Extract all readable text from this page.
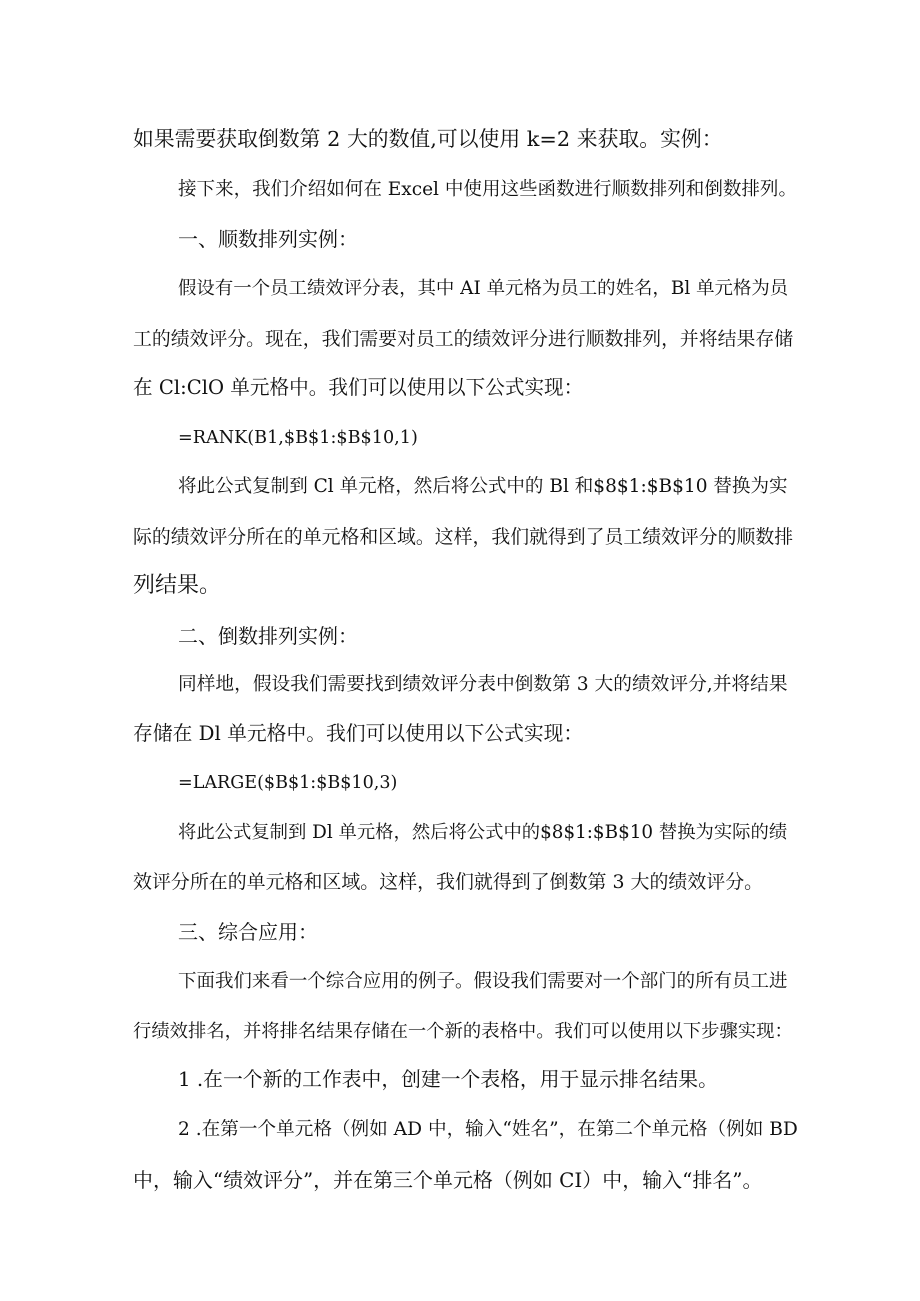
如果需要获取倒数第 2 大的数值,可以使用 k=2 来获取。实例：
接下来，我们介绍如何在 Excel 中使用这些函数进行顺数排列和倒数排列。
一、顺数排列实例：
假设有一个员工绩效评分表，其中 AI 单元格为员工的姓名，Bl 单元格为员
工的绩效评分。现在，我们需要对员工的绩效评分进行顺数排列，并将结果存储
在 Cl:ClO 单元格中。我们可以使用以下公式实现：
=RANK(B1,$B$1:$B$10,1)
将此公式复制到 Cl 单元格，然后将公式中的 Bl 和$8$1:$B$10 替换为实
际的绩效评分所在的单元格和区域。这样，我们就得到了员工绩效评分的顺数排
列结果。
二、倒数排列实例：
同样地，假设我们需要找到绩效评分表中倒数第 3 大的绩效评分,并将结果
存储在 Dl 单元格中。我们可以使用以下公式实现：
=LARGE($B$1:$B$10,3)
将此公式复制到 Dl 单元格，然后将公式中的$8$1:$B$10 替换为实际的绩
效评分所在的单元格和区域。这样，我们就得到了倒数第 3 大的绩效评分。
三、综合应用：
下面我们来看一个综合应用的例子。假设我们需要对一个部门的所有员工进
行绩效排名，并将排名结果存储在一个新的表格中。我们可以使用以下步骤实现：
1 .在一个新的工作表中，创建一个表格，用于显示排名结果。
2 .在第一个单元格（例如 AD 中，输入“姓名”，在第二个单元格（例如 BD
中，输入“绩效评分”，并在第三个单元格（例如 CI）中，输入“排名”。
